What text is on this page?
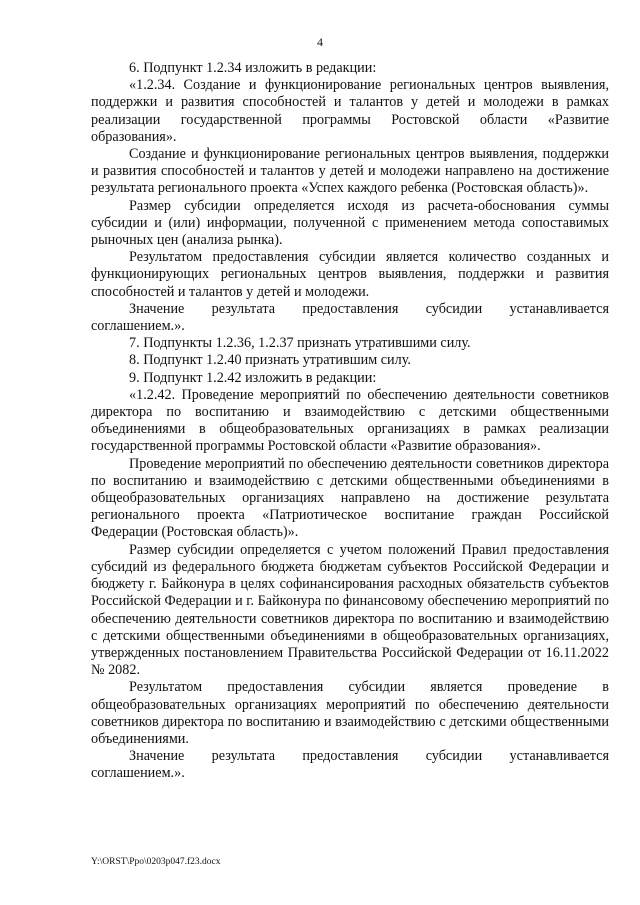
4

6. Подпункт 1.2.34 изложить в редакции:

«1.2.34. Создание и функционирование региональных центров выявления, поддержки и развития способностей и талантов у детей и молодежи в рамках реализации государственной программы Ростовской области «Развитие образования».

Создание и функционирование региональных центров выявления, поддержки и развития способностей и талантов у детей и молодежи направлено на достижение результата регионального проекта «Успех каждого ребенка (Ростовская область)».

Размер субсидии определяется исходя из расчета-обоснования суммы субсидии и (или) информации, полученной с применением метода сопоставимых рыночных цен (анализа рынка).

Результатом предоставления субсидии является количество созданных и функционирующих региональных центров выявления, поддержки и развития способностей и талантов у детей и молодежи.

Значение результата предоставления субсидии устанавливается соглашением.».

7. Подпункты 1.2.36, 1.2.37 признать утратившими силу.

8. Подпункт 1.2.40 признать утратившим силу.

9. Подпункт 1.2.42 изложить в редакции:

«1.2.42. Проведение мероприятий по обеспечению деятельности советников директора по воспитанию и взаимодействию с детскими общественными объединениями в общеобразовательных организациях в рамках реализации государственной программы Ростовской области «Развитие образования».

Проведение мероприятий по обеспечению деятельности советников директора по воспитанию и взаимодействию с детскими общественными объединениями в общеобразовательных организациях направлено на достижение результата регионального проекта «Патриотическое воспитание граждан Российской Федерации (Ростовская область)».

Размер субсидии определяется с учетом положений Правил предоставления субсидий из федерального бюджета бюджетам субъектов Российской Федерации и бюджету г. Байконура в целях софинансирования расходных обязательств субъектов Российской Федерации и г. Байконура по финансовому обеспечению мероприятий по обеспечению деятельности советников директора по воспитанию и взаимодействию с детскими общественными объединениями в общеобразовательных организациях, утвержденных постановлением Правительства Российской Федерации от 16.11.2022 № 2082.

Результатом предоставления субсидии является проведение в общеобразовательных организациях мероприятий по обеспечению деятельности советников директора по воспитанию и взаимодействию с детскими общественными объединениями.

Значение результата предоставления субсидии устанавливается соглашением.».

Y:\ORST\Ppo\0203p047.f23.docx
